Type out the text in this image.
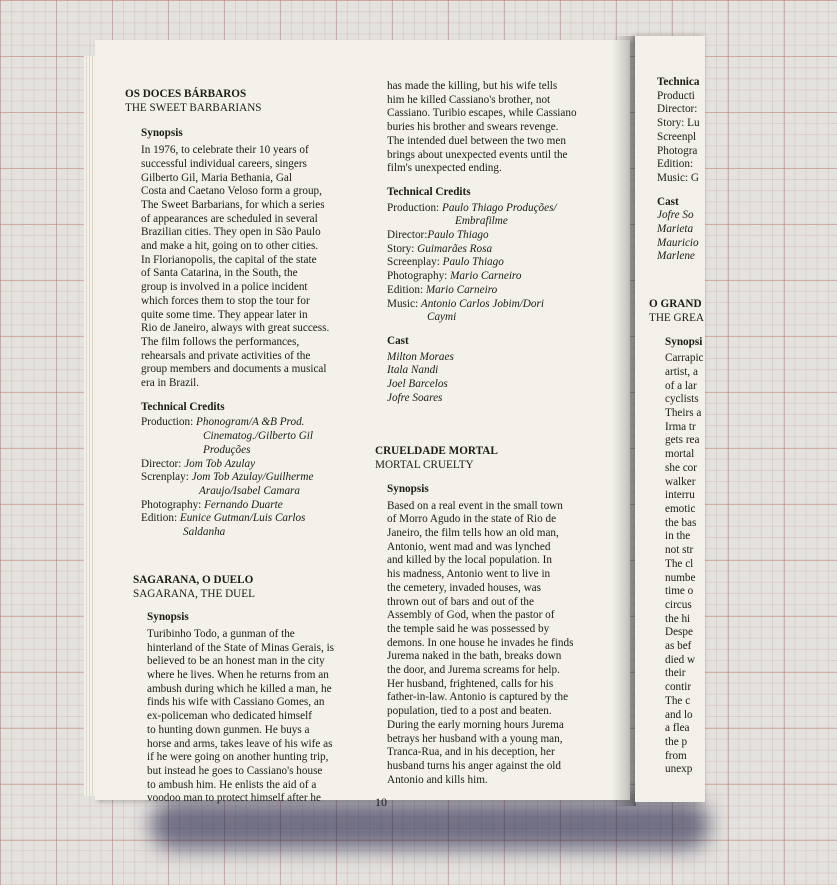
OS DOCES BÁRBAROS
THE SWEET BARBARIANS
Synopsis
In 1976, to celebrate their 10 years of
successful individual careers, singers
Gilberto Gil, Maria Bethania, Gal
Costa and Caetano Veloso form a group,
The Sweet Barbarians, for which a series
of appearances are scheduled in several
Brazilian cities. They open in São Paulo
and make a hit, going on to other cities.
In Florianopolis, the capital of the state
of Santa Catarina, in the South, the
group is involved in a police incident
which forces them to stop the tour for
quite some time. They appear later in
Rio de Janeiro, always with great success.
The film follows the performances,
rehearsals and private activities of the
group members and documents a musical
era in Brazil.
Technical Credits
Production: Phonogram/A &B Prod.
Cinematog./Gilberto Gil
Produções
Director: Jom Tob Azulay
Screnplay: Jom Tob Azulay/Guilherme
Araujo/Isabel Camara
Photography: Fernando Duarte
Edition: Eunice Gutman/Luis Carlos
Saldanha
SAGARANA, O DUELO
SAGARANA, THE DUEL
Synopsis
Turibinho Todo, a gunman of the
hinterland of the State of Minas Gerais, is
believed to be an honest man in the city
where he lives. When he returns from an
ambush during which he killed a man, he
finds his wife with Cassiano Gomes, an
ex-policeman who dedicated himself
to hunting down gunmen. He buys a
horse and arms, takes leave of his wife as
if he were going on another hunting trip,
but instead he goes to Cassiano's house
to ambush him. He enlists the aid of a
voodoo man to protect himself after he
has made the killing, but his wife tells
him he killed Cassiano's brother, not
Cassiano. Turibio escapes, while Cassiano
buries his brother and swears revenge.
The intended duel between the two men
brings about unexpected events until the
film's unexpected ending.
Technical Credits
Production: Paulo Thiago Produções/
Embrafilme
Director:Paulo Thiago
Story: Guimarães Rosa
Screenplay: Paulo Thiago
Photography: Mario Carneiro
Edition: Mario Carneiro
Music: Antonio Carlos Jobim/Dori
Caymi
Cast
Milton Moraes
Itala Nandi
Joel Barcelos
Jofre Soares
CRUELDADE MORTAL
MORTAL CRUELTY
Synopsis
Based on a real event in the small town
of Morro Agudo in the state of Rio de
Janeiro, the film tells how an old man,
Antonio, went mad and was lynched
and killed by the local population. In
his madness, Antonio went to live in
the cemetery, invaded houses, was
thrown out of bars and out of the
Assembly of God, when the pastor of
the temple said he was possessed by
demons. In one house he invades he finds
Jurema naked in the bath, breaks down
the door, and Jurema screams for help.
Her husband, frightened, calls for his
father-in-law. Antonio is captured by the
population, tied to a post and beaten.
During the early morning hours Jurema
betrays her husband with a young man,
Tranca-Rua, and in his deception, her
husband turns his anger against the old
Antonio and kills him.
10
Technica
Producti
Director:
Story: Lu
Screenpl
Photogra
Edition:
Music: G
Cast
Jofre So
Marieta
Mauricio
Marlene
O GRAND
THE GREA
Synopsi
Carrapic
artist, a
of a lar
cyclists
Theirs a
Irma tr
gets rea
mortal
she cor
walker
interru
emotic
the bas
in the
not str
The cl
numbe
time o
circus
the hi
Despe
as bef
died w
their
contir
The c
and lo
a flea
the p
from
unexp
